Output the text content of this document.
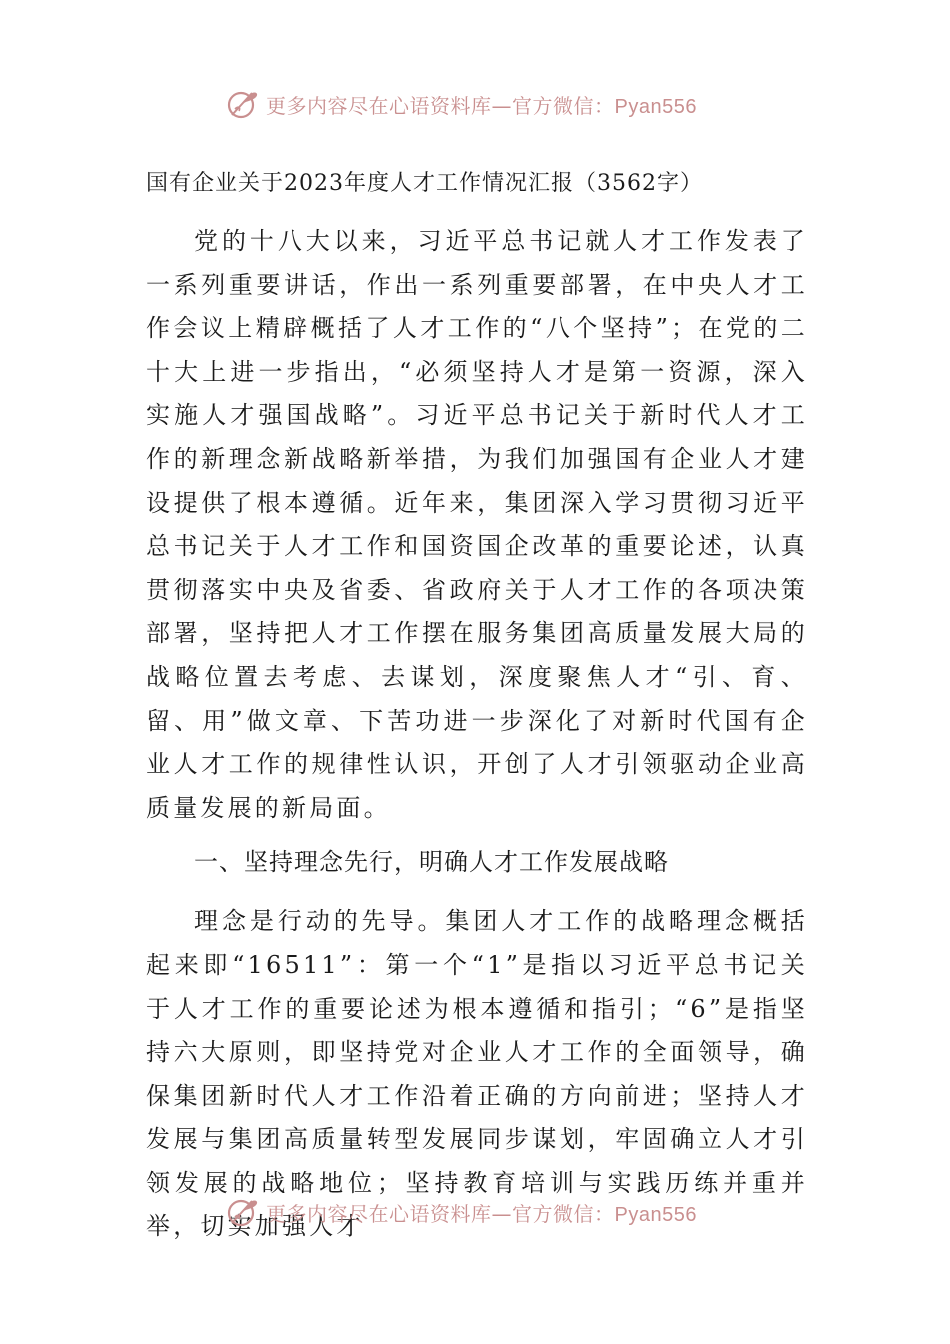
更多内容尽在心语资料库—官方微信：Pyan556
国有企业关于2023年度人才工作情况汇报（3562字）

党的十八大以来，习近平总书记就人才工作发表了一系列重要讲话，作出一系列重要部署，在中央人才工作会议上精辟概括了人才工作的“八个坚持”；在党的二十大上进一步指出，“必须坚持人才是第一资源，深入实施人才强国战略”。习近平总书记关于新时代人才工作的新理念新战略新举措，为我们加强国有企业人才建设提供了根本遵循。近年来，集团深入学习贯彻习近平总书记关于人才工作和国资国企改革的重要论述，认真贯彻落实中央及省委、省政府关于人才工作的各项决策部署，坚持把人才工作摆在服务集团高质量发展大局的战略位置去考虑、去谋划，深度聚焦人才“引、育、留、用”做文章、下苦功进一步深化了对新时代国有企业人才工作的规律性认识，开创了人才引领驱动企业高质量发展的新局面。

一、坚持理念先行，明确人才工作发展战略

理念是行动的先导。集团人才工作的战略理念概括起来即“16511”：第一个“1”是指以习近平总书记关于人才工作的重要论述为根本遵循和指引；“6”是指坚持六大原则，即坚持党对企业人才工作的全面领导，确保集团新时代人才工作沿着正确的方向前进；坚持人才发展与集团高质量转型发展同步谋划，牢固确立人才引领发展的战略地位；坚持教育培训与实践历练并重并举，切实加强人才

更多内容尽在心语资料库—官方微信：Pyan556
